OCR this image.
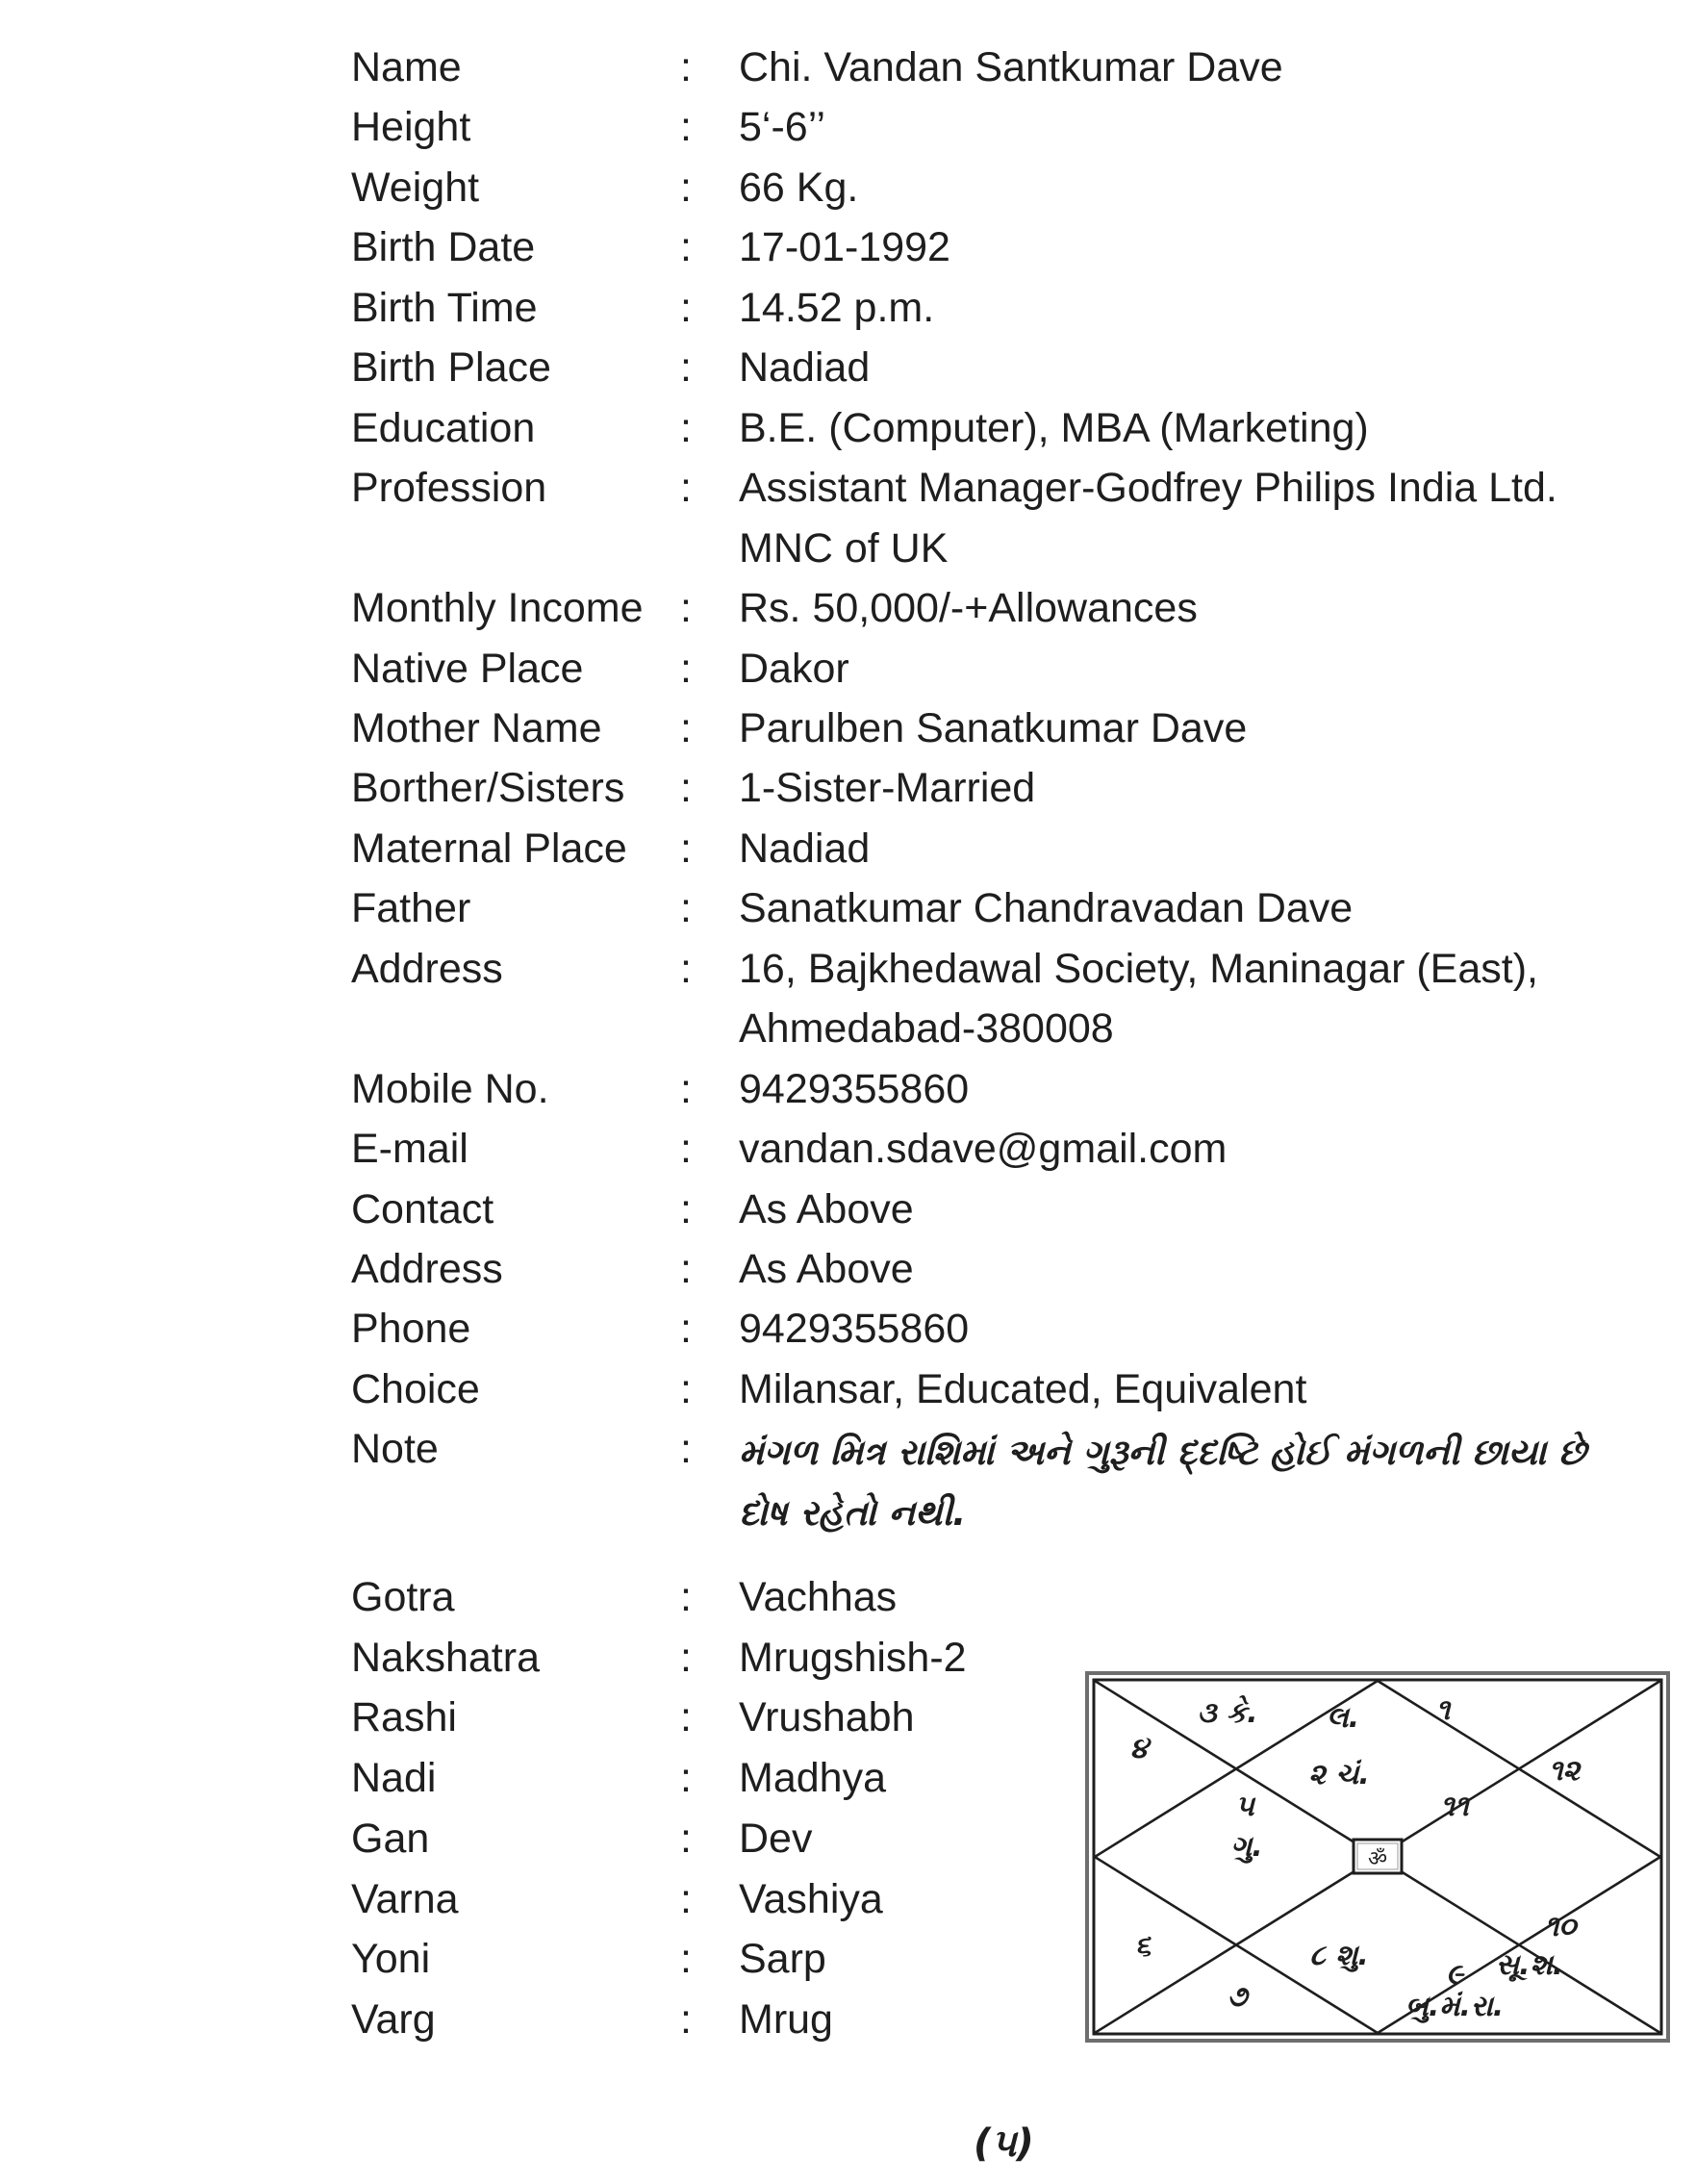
Name	: Chi. Vandan Santkumar Dave
Height	: 5‘-6’’
Weight	: 66 Kg.
Birth Date	: 17-01-1992
Birth Time	: 14.52 p.m.
Birth Place	: Nadiad
Education	: B.E. (Computer), MBA (Marketing)
Profession	: Assistant Manager-Godfrey Philips India Ltd.
MNC of UK
Monthly Income : Rs. 50,000/-+Allowances
Native Place : Dakor
Mother Name : Parulben Sanatkumar Dave
Borther/Sisters : 1-Sister-Married
Maternal Place : Nadiad
Father	: Sanatkumar Chandravadan Dave
Address	: 16, Bajkhedawal Society, Maninagar (East),
Ahmedabad-380008
Mobile No.	: 9429355860
E-mail	: vandan.sdave@gmail.com
Contact	: As Above
Address	: As Above
Phone	: 9429355860
Choice	: Milansar, Educated, Equivalent
Note	: મંગળ મિત્ર રાશિમાં અને ગુરૂની દ્દષ્ટિ હોઈ મંગળની છાયા છે
દોષ રહેતો નથી.
Gotra	: Vachhas
Nakshatra	: Mrugshish-2
Rashi	: Vrushabh
Nadi	: Madhya
Gan	: Dev
Varna	: Vashiya
Yoni	: Sarp
Varg	: Mrug
ॐ
૩ કે. લ.	૧
૪
૨ ચં.	૧૨
૫	૧૧
ગુ.
૬	૮ શુ.
૧૦
સૂ.શ.
૯
૭	બુ.મં.રા.
(૫)
